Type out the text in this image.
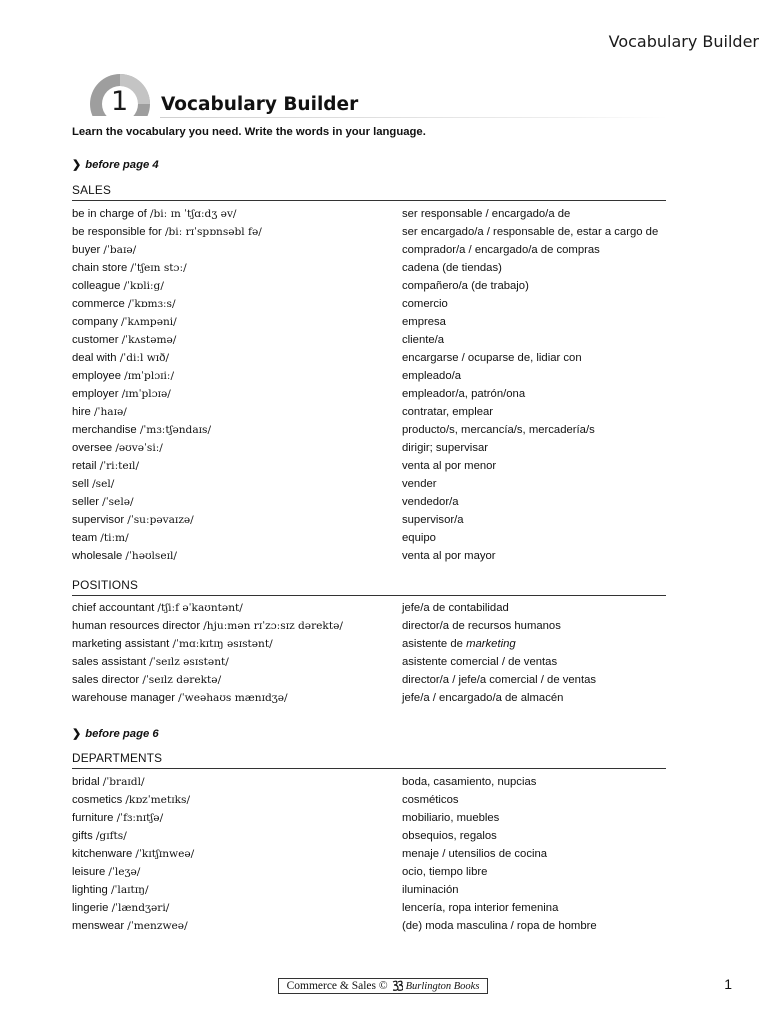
Vocabulary Builder
1 Vocabulary Builder
Learn the vocabulary you need. Write the words in your language.
❯ before page 4
SALES
be in charge of /biː ɪn ˈtʃɑːdʒ əv/	ser responsable / encargado/a de
be responsible for /biː rɪˈspɒnsəbl fə/	ser encargado/a / responsable de, estar a cargo de
buyer /ˈbaɪə/	comprador/a / encargado/a de compras
chain store /ˈtʃeɪn stɔː/	cadena (de tiendas)
colleague /ˈkɒliːg/	compañero/a (de trabajo)
commerce /ˈkɒmɜːs/	comercio
company /ˈkʌmpəni/	empresa
customer /ˈkʌstəmə/	cliente/a
deal with /ˈdiːl wɪð/	encargarse / ocuparse de, lidiar con
employee /ɪmˈplɔɪiː/	empleado/a
employer /ɪmˈplɔɪə/	empleador/a, patrón/ona
hire /ˈhaɪə/	contratar, emplear
merchandise /ˈmɜːtʃəndaɪs/	producto/s, mercancía/s, mercadería/s
oversee /əʊvəˈsiː/	dirigir; supervisar
retail /ˈriːteɪl/	venta al por menor
sell /sel/	vender
seller /ˈselə/	vendedor/a
supervisor /ˈsuːpəvaɪzə/	supervisor/a
team /tiːm/	equipo
wholesale /ˈhəʊlseɪl/	venta al por mayor
POSITIONS
chief accountant /tʃiːf əˈkaʊntənt/	jefe/a de contabilidad
human resources director /hjuːmən rɪˈzɔːsɪz dərektə/	director/a de recursos humanos
marketing assistant /ˈmɑːkɪtɪŋ əsɪstənt/	asistente de marketing
sales assistant /ˈseɪlz əsɪstənt/	asistente comercial / de ventas
sales director /ˈseɪlz dərektə/	director/a / jefe/a comercial / de ventas
warehouse manager /ˈweəhaʊs mænɪdʒə/	jefe/a / encargado/a de almacén
❯ before page 6
DEPARTMENTS
bridal /ˈbraɪdl/	boda, casamiento, nupcias
cosmetics /kɒzˈmetɪks/	cosméticos
furniture /ˈfɜːnɪtʃə/	mobiliario, muebles
gifts /gɪfts/	obsequios, regalos
kitchenware /ˈkɪtʃɪnweə/	menaje / utensilios de cocina
leisure /ˈleʒə/	ocio, tiempo libre
lighting /ˈlaɪtɪŋ/	iluminación
lingerie /ˈlændʒəri/	lencería, ropa interior femenina
menswear /ˈmenzweə/	(de) moda masculina / ropa de hombre
Commerce & Sales © Burlington Books	1
